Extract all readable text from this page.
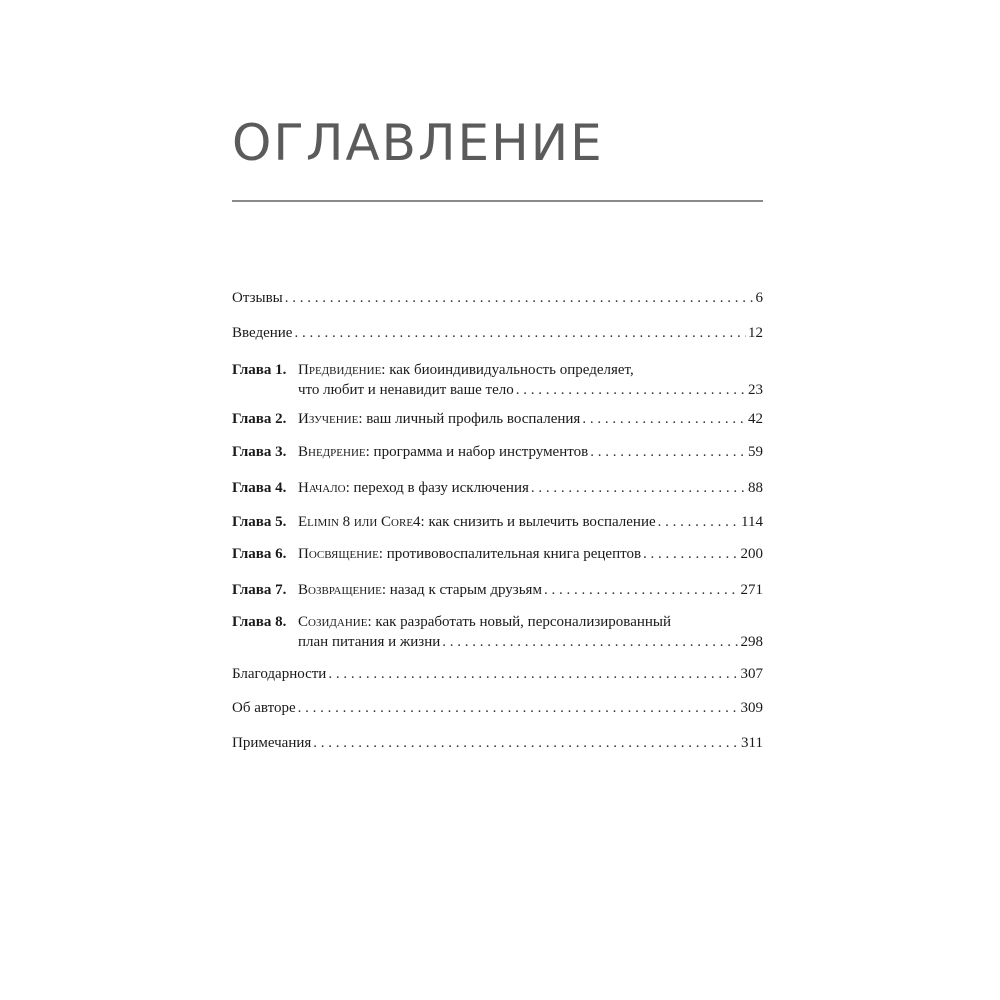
ОГЛАВЛЕНИЕ
Отзывы . . .	6
Введение . . .	12
Глава 1. Предвидение: как биоиндивидуальность определяет,
что любит и ненавидит ваше тело . . .	23
Глава 2. Изучение: ваш личный профиль воспаления . . .	42
Глава 3. Внедрение: программа и набор инструментов . . .	59
Глава 4. Начало: переход в фазу исключения . . .	88
Глава 5. Elimin 8 или Core4: как снизить и вылечить воспаление . . .	114
Глава 6. Посвящение: противовоспалительная книга рецептов . . .	200
Глава 7. Возвращение: назад к старым друзьям . . .	271
Глава 8. Созидание: как разработать новый, персонализированный
план питания и жизни . . .	298
Благодарности . . .	307
Об авторе . . .	309
Примечания . . .	311
